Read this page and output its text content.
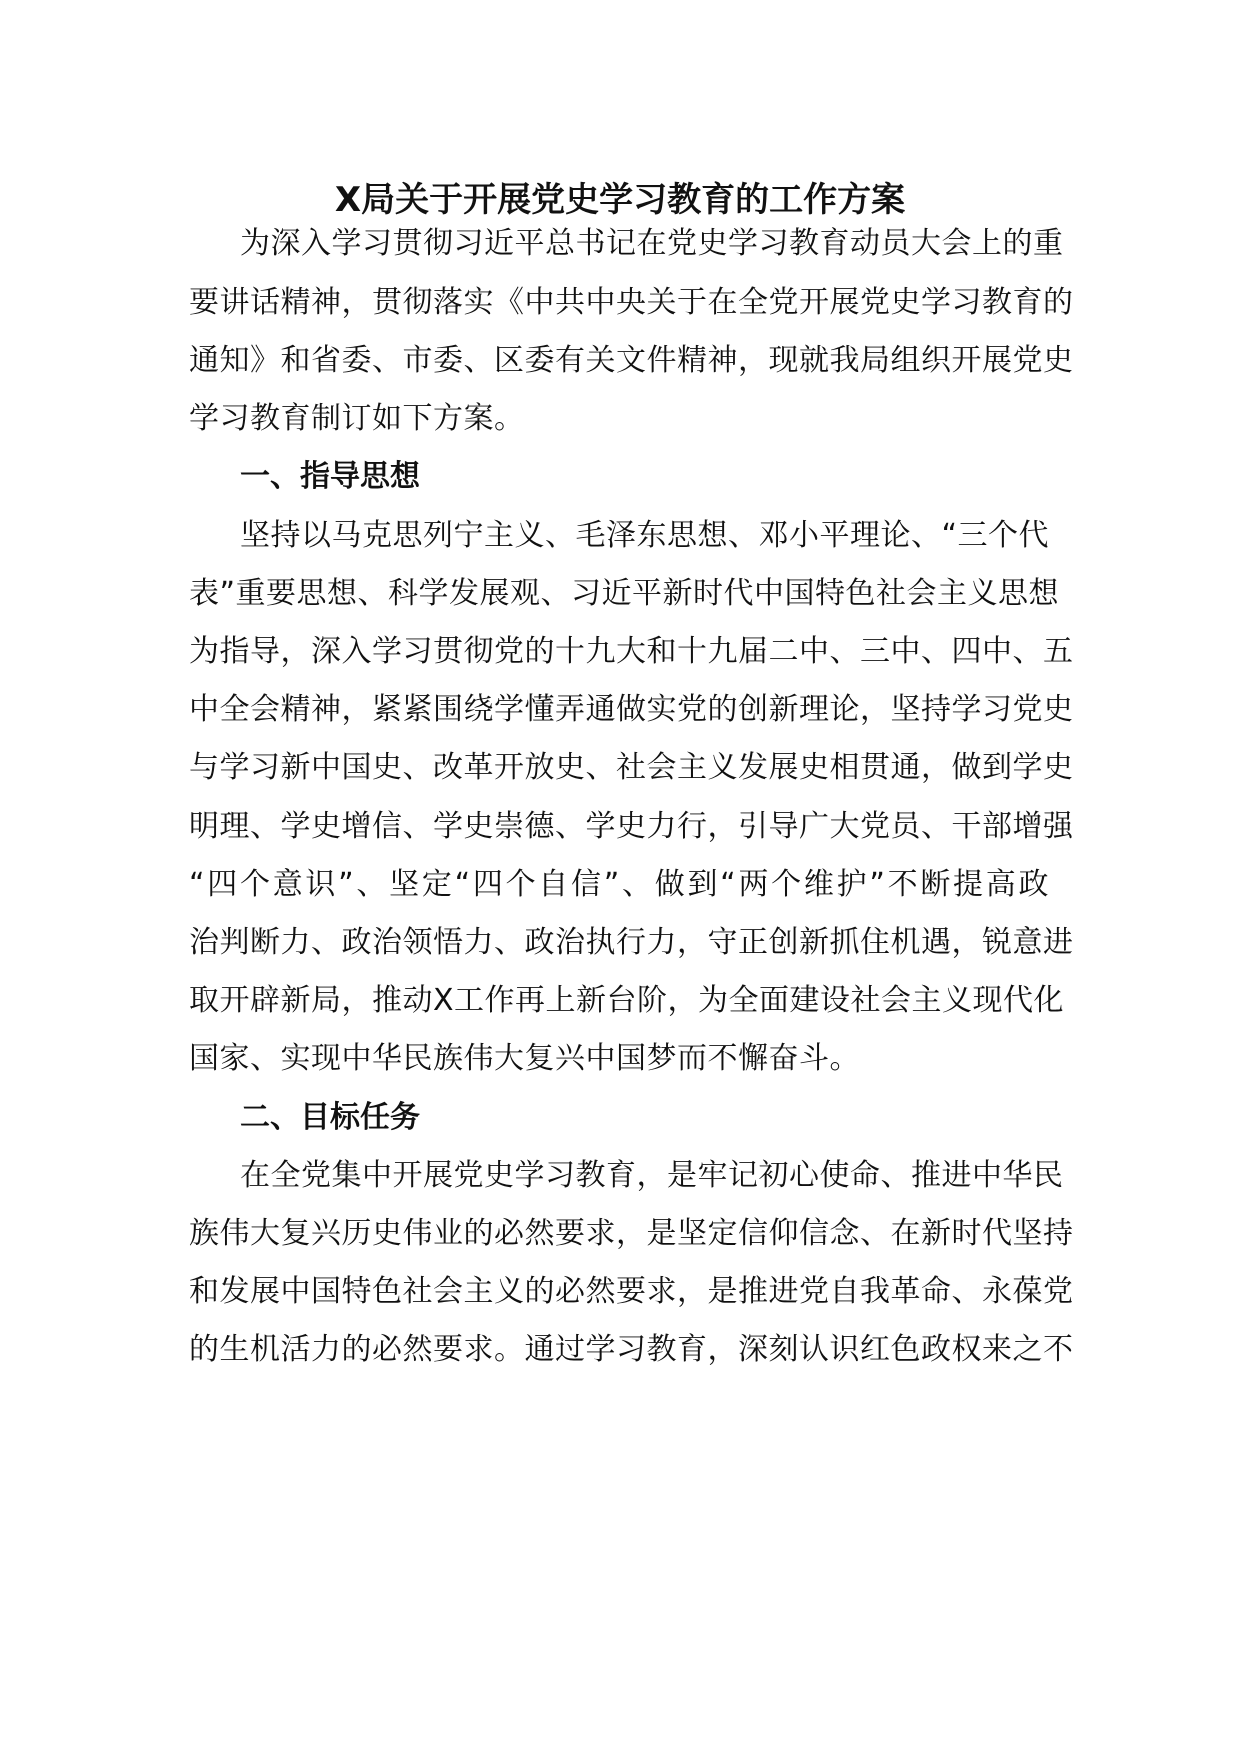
X局关于开展党史学习教育的工作方案
为深入学习贯彻习近平总书记在党史学习教育动员大会上的重
要讲话精神，贯彻落实《中共中央关于在全党开展党史学习教育的
通知》和省委、市委、区委有关文件精神，现就我局组织开展党史
学习教育制订如下方案。
一、指导思想
坚持以马克思列宁主义、毛泽东思想、邓小平理论、“三个代
表”重要思想、科学发展观、习近平新时代中国特色社会主义思想
为指导，深入学习贯彻党的十九大和十九届二中、三中、四中、五
中全会精神，紧紧围绕学懂弄通做实党的创新理论，坚持学习党史
与学习新中国史、改革开放史、社会主义发展史相贯通，做到学史
明理、学史增信、学史崇德、学史力行，引导广大党员、干部增强
“四个意识”、坚定“四个自信”、做到“两个维护”不断提高政
治判断力、政治领悟力、政治执行力，守正创新抓住机遇，锐意进
取开辟新局，推动X工作再上新台阶，为全面建设社会主义现代化
国家、实现中华民族伟大复兴中国梦而不懈奋斗。
二、目标任务
在全党集中开展党史学习教育，是牢记初心使命、推进中华民
族伟大复兴历史伟业的必然要求，是坚定信仰信念、在新时代坚持
和发展中国特色社会主义的必然要求，是推进党自我革命、永葆党
的生机活力的必然要求。通过学习教育，深刻认识红色政权来之不
